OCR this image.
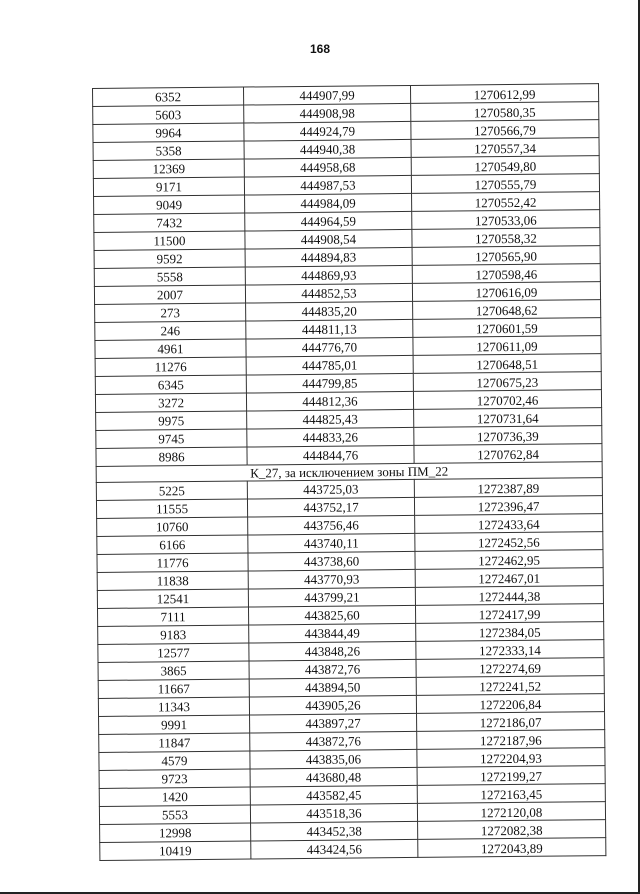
168
6352	444907,99	1270612,99
5603	444908,98	1270580,35
9964	444924,79	1270566,79
5358	444940,38	1270557,34
12369	444958,68	1270549,80
9171	444987,53	1270555,79
9049	444984,09	1270552,42
7432	444964,59	1270533,06
11500	444908,54	1270558,32
9592	444894,83	1270565,90
5558	444869,93	1270598,46
2007	444852,53	1270616,09
273	444835,20	1270648,62
246	444811,13	1270601,59
4961	444776,70	1270611,09
11276	444785,01	1270648,51
6345	444799,85	1270675,23
3272	444812,36	1270702,46
9975	444825,43	1270731,64
9745	444833,26	1270736,39
8986	444844,76	1270762,84
К_27, за исключением зоны ПМ_22		
5225	443725,03	1272387,89
11555	443752,17	1272396,47
10760	443756,46	1272433,64
6166	443740,11	1272452,56
11776	443738,60	1272462,95
11838	443770,93	1272467,01
12541	443799,21	1272444,38
7111	443825,60	1272417,99
9183	443844,49	1272384,05
12577	443848,26	1272333,14
3865	443872,76	1272274,69
11667	443894,50	1272241,52
11343	443905,26	1272206,84
9991	443897,27	1272186,07
11847	443872,76	1272187,96
4579	443835,06	1272204,93
9723	443680,48	1272199,27
1420	443582,45	1272163,45
5553	443518,36	1272120,08
12998	443452,38	1272082,38
10419	443424,56	1272043,89
